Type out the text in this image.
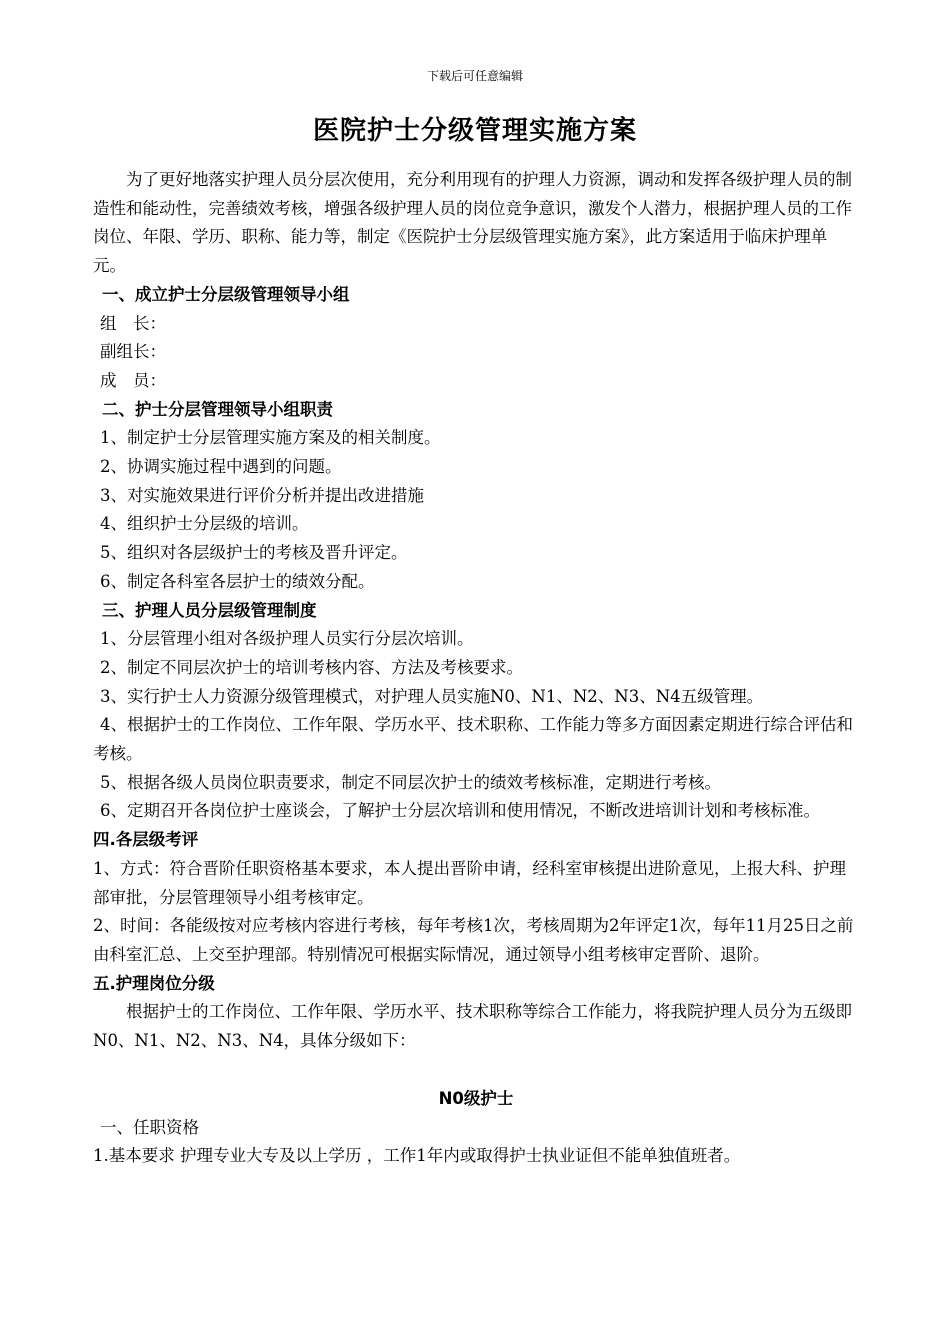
下载后可任意编辑
医院护士分级管理实施方案

为了更好地落实护理人员分层次使用，充分利用现有的护理人力资源，调动和发挥各级护理人员的制造性和能动性，完善绩效考核，增强各级护理人员的岗位竞争意识，激发个人潜力，根据护理人员的工作岗位、年限、学历、职称、能力等，制定《医院护士分层级管理实施方案》，此方案适用于临床护理单元。

一、成立护士分层级管理领导小组

组　长：

副组长：

成　员：

二、护士分层管理领导小组职责

1、制定护士分层管理实施方案及的相关制度。

2、协调实施过程中遇到的问题。

3、对实施效果进行评价分析并提出改进措施

4、组织护士分层级的培训。

5、组织对各层级护士的考核及晋升评定。

6、制定各科室各层护士的绩效分配。

三、护理人员分层级管理制度

1、分层管理小组对各级护理人员实行分层次培训。

2、制定不同层次护士的培训考核内容、方法及考核要求。

3、实行护士人力资源分级管理模式，对护理人员实施N0、N1、N2、N3、N4五级管理。

4、根据护士的工作岗位、工作年限、学历水平、技术职称、工作能力等多方面因素定期进行综合评估和考核。

5、根据各级人员岗位职责要求，制定不同层次护士的绩效考核标准，定期进行考核。

6、定期召开各岗位护士座谈会，了解护士分层次培训和使用情况，不断改进培训计划和考核标准。

四.各层级考评

1、方式：符合晋阶任职资格基本要求，本人提出晋阶申请，经科室审核提出进阶意见，上报大科、护理部审批，分层管理领导小组考核审定。

2、时间：各能级按对应考核内容进行考核，每年考核1次，考核周期为2年评定1次，每年11月25日之前由科室汇总、上交至护理部。特别情况可根据实际情况，通过领导小组考核审定晋阶、退阶。

五.护理岗位分级

根据护士的工作岗位、工作年限、学历水平、技术职称等综合工作能力，将我院护理人员分为五级即N0、N1、N2、N3、N4，具体分级如下：

N0级护士

一、任职资格

1.基本要求 护理专业大专及以上学历 ，工作1年内或取得护士执业证但不能单独值班者。
